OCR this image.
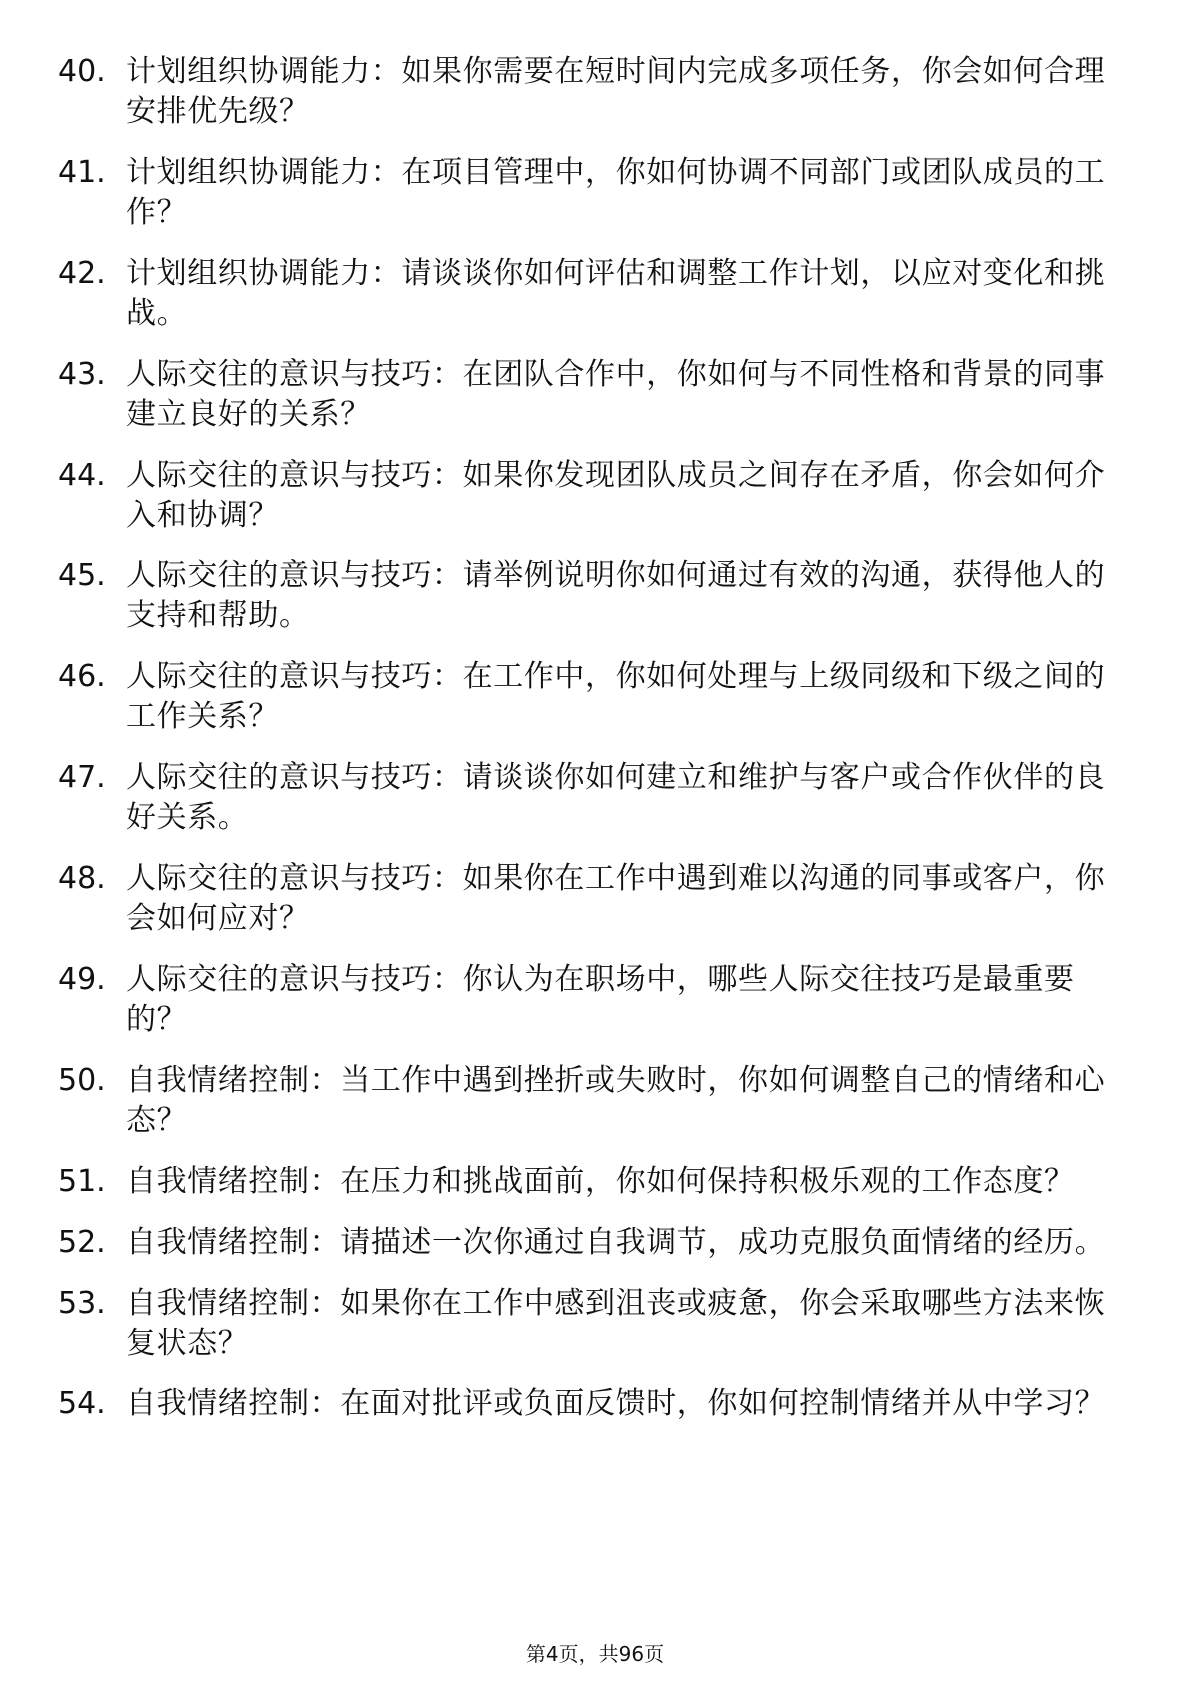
40. 计划组织协调能力：如果你需要在短时间内完成多项任务，你会如何合理安排优先级？
41. 计划组织协调能力：在项目管理中，你如何协调不同部门或团队成员的工作？
42. 计划组织协调能力：请谈谈你如何评估和调整工作计划，以应对变化和挑战。
43. 人际交往的意识与技巧：在团队合作中，你如何与不同性格和背景的同事建立良好的关系？
44. 人际交往的意识与技巧：如果你发现团队成员之间存在矛盾，你会如何介入和协调？
45. 人际交往的意识与技巧：请举例说明你如何通过有效的沟通，获得他人的支持和帮助。
46. 人际交往的意识与技巧：在工作中，你如何处理与上级同级和下级之间的工作关系？
47. 人际交往的意识与技巧：请谈谈你如何建立和维护与客户或合作伙伴的良好关系。
48. 人际交往的意识与技巧：如果你在工作中遇到难以沟通的同事或客户，你会如何应对？
49. 人际交往的意识与技巧：你认为在职场中，哪些人际交往技巧是最重要的？
50. 自我情绪控制：当工作中遇到挫折或失败时，你如何调整自己的情绪和心态？
51. 自我情绪控制：在压力和挑战面前，你如何保持积极乐观的工作态度？
52. 自我情绪控制：请描述一次你通过自我调节，成功克服负面情绪的经历。
53. 自我情绪控制：如果你在工作中感到沮丧或疲惫，你会采取哪些方法来恢复状态？
54. 自我情绪控制：在面对批评或负面反馈时，你如何控制情绪并从中学习？
第4页，共96页
